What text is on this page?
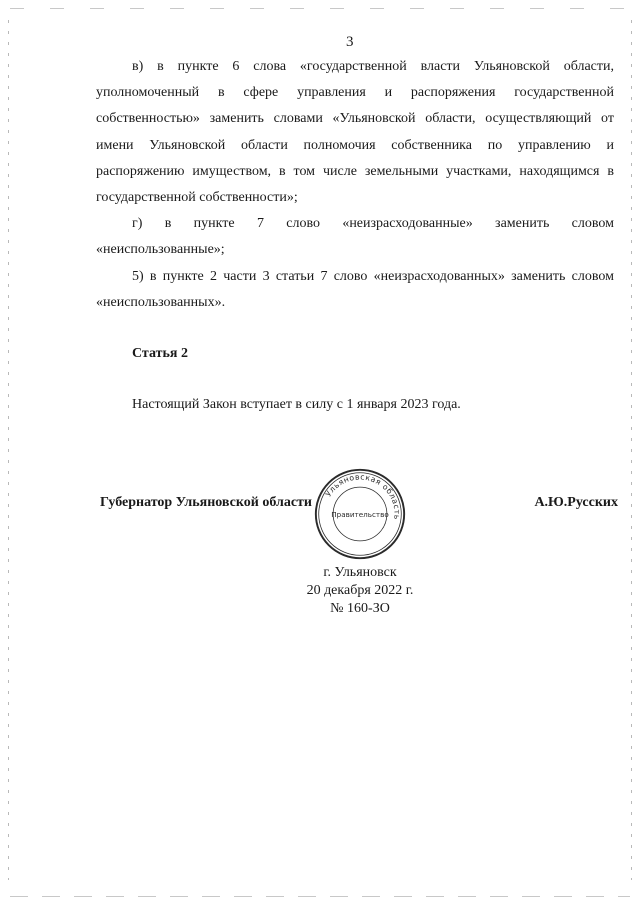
3

в) в пункте 6 слова «государственной власти Ульяновской области, уполномоченный в сфере управления и распоряжения государственной собственностью» заменить словами «Ульяновской области, осуществляющий от имени Ульяновской области полномочия собственника по управлению и распоряжению имуществом, в том числе земельными участками, находящимся в государственной собственности»;

г) в пункте 7 слово «неизрасходованные» заменить словом «неиспользованные»;

5) в пункте 2 части 3 статьи 7 слово «неизрасходованных» заменить словом «неиспользованных».

Статья 2
Настоящий Закон вступает в силу с 1 января 2023 года.
Губернатор Ульяновской области	А.Ю.Русских
Ульяновская область
Правительство
г. Ульяновск
20 декабря 2022 г.
№ 160-ЗО
